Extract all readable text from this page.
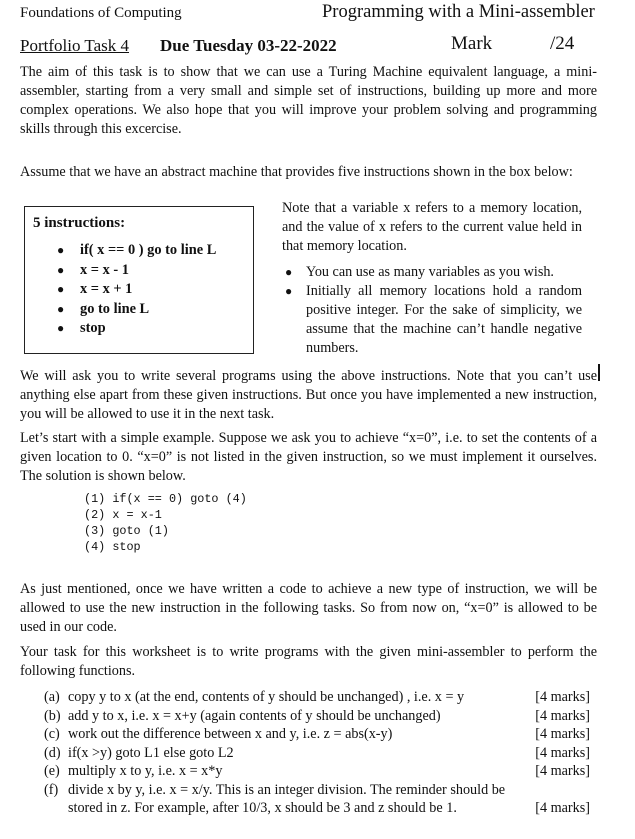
Foundations of Computing	Programming with a Mini-assembler
Portfolio Task 4 Due Tuesday 03-22-2022	Mark	/24

The aim of this task is to show that we can use a Turing Machine equivalent language, a mini-assembler, starting from a very small and simple set of instructions, building up more and more complex operations. We also hope that you will improve your problem solving and programming skills through this excercise.

Assume that we have an abstract machine that provides five instructions shown in the box below:

5 instructions:
● if( x == 0 ) go to line L
● x = x - 1
● x = x + 1
● go to line L
● stop

Note that a variable x refers to a memory location, and the value of x refers to the current value held in that memory location.

● You can use as many variables as you wish.
● Initially all memory locations hold a random positive integer. For the sake of simplicity, we assume that the machine can’t handle negative numbers.

We will ask you to write several programs using the above instructions. Note that you can’t use anything else apart from these given instructions. But once you have implemented a new instruction, you will be allowed to use it in the next task.

Let’s start with a simple example. Suppose we ask you to achieve “x=0”, i.e. to set the contents of a given location to 0. “x=0” is not listed in the given instruction, so we must implement it ourselves. The solution is shown below.

(1) if(x == 0) goto (4)
(2) x = x-1
(3) goto (1)
(4) stop

As just mentioned, once we have written a code to achieve a new type of instruction, we will be allowed to use the new instruction in the following tasks. So from now on, “x=0” is allowed to be used in our code.

Your task for this worksheet is to write programs with the given mini-assembler to perform the following functions.

(a) copy y to x (at the end, contents of y should be unchanged) , i.e. x = y	[4 marks]
(b) add y to x, i.e. x = x+y (again contents of y should be unchanged)	[4 marks]
(c) work out the difference between x and y, i.e. z = abs(x-y)	[4 marks]
(d) if(x >y) goto L1 else goto L2	[4 marks]
(e) multiply x to y, i.e. x = x*y	[4 marks]
(f) divide x by y, i.e. x = x/y. This is an integer division. The reminder should be stored in z. For example, after 10/3, x should be 3 and z should be 1.	[4 marks]
